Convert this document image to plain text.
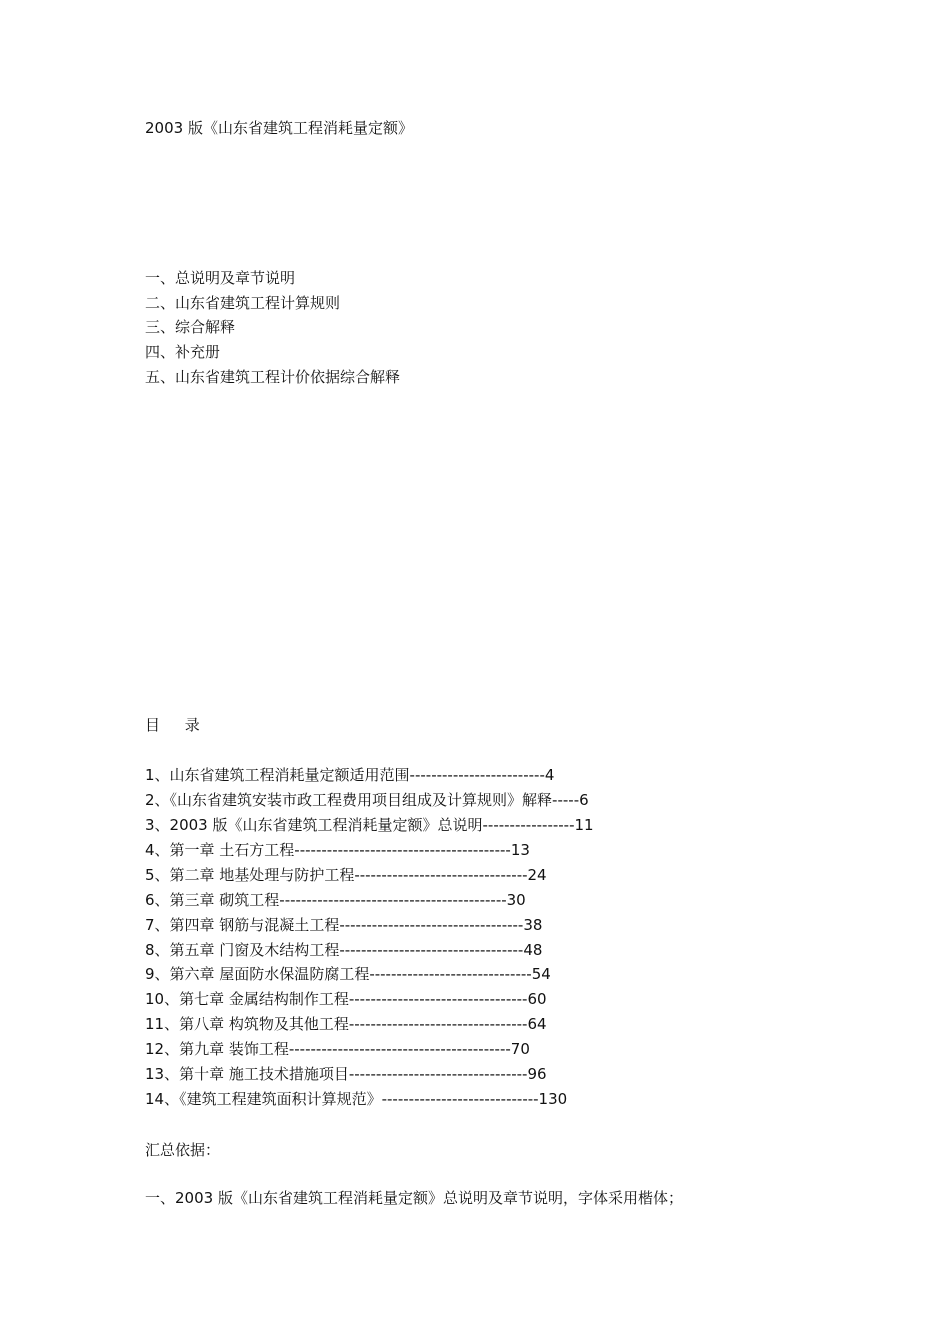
2003 版《山东省建筑工程消耗量定额》
一、总说明及章节说明
二、山东省建筑工程计算规则
三、综合解释
四、补充册
五、山东省建筑工程计价依据综合解释
目 录
1、山东省建筑工程消耗量定额适用范围-------------------------4
2、《山东省建筑安装市政工程费用项目组成及计算规则》解释-----6
3、2003 版《山东省建筑工程消耗量定额》总说明-----------------11
4、第一章 土石方工程----------------------------------------13
5、第二章 地基处理与防护工程--------------------------------24
6、第三章 砌筑工程------------------------------------------30
7、第四章 钢筋与混凝土工程----------------------------------38
8、第五章 门窗及木结构工程----------------------------------48
9、第六章 屋面防水保温防腐工程------------------------------54
10、第七章 金属结构制作工程---------------------------------60
11、第八章 构筑物及其他工程---------------------------------64
12、第九章 装饰工程-----------------------------------------70
13、第十章 施工技术措施项目---------------------------------96
14、《建筑工程建筑面积计算规范》-----------------------------130
汇总依据：
一、2003 版《山东省建筑工程消耗量定额》总说明及章节说明，字体采用楷体；
